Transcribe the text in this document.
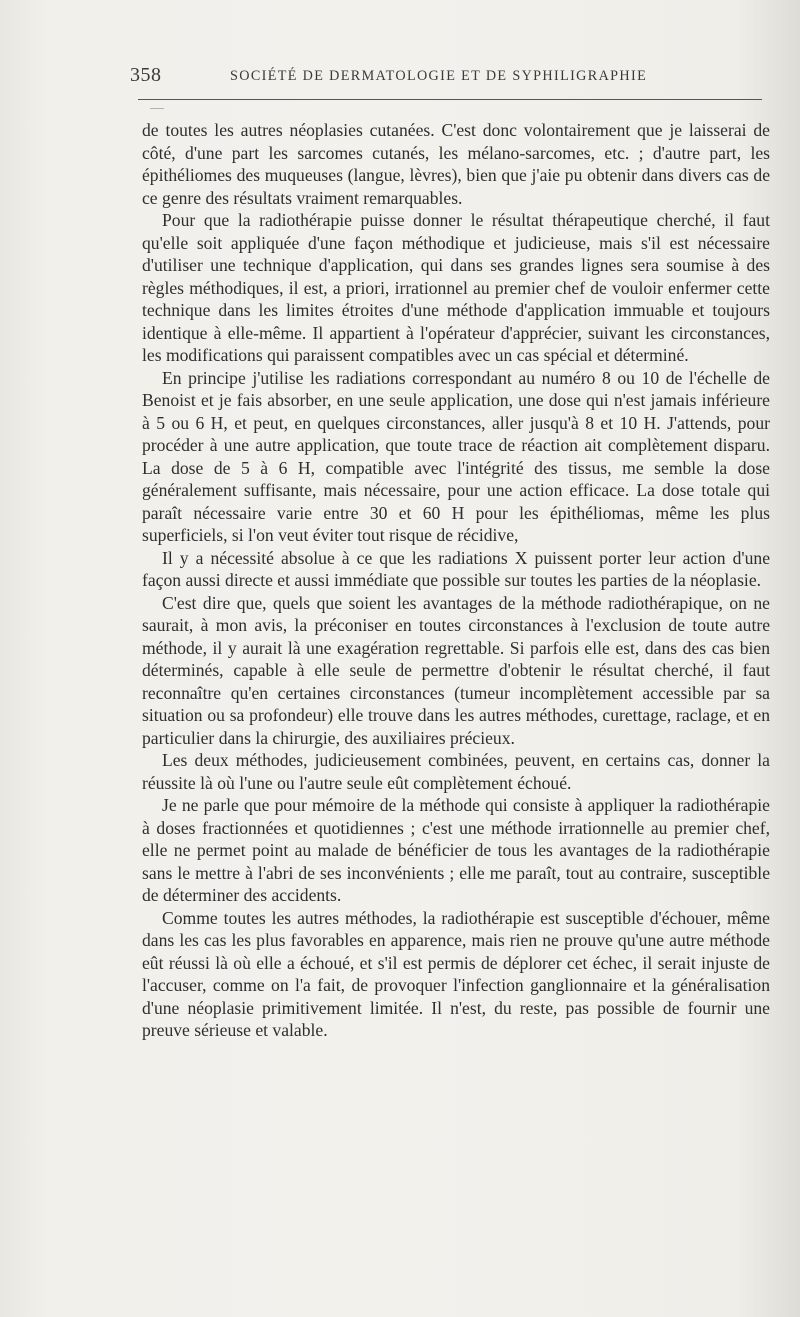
358	SOCIÉTÉ DE DERMATOLOGIE ET DE SYPHILIGRAPHIE

de toutes les autres néoplasies cutanées. C'est donc volontairement que je laisserai de côté, d'une part les sarcomes cutanés, les mélano-sarcomes, etc. ; d'autre part, les épithéliomes des muqueuses (langue, lèvres), bien que j'aie pu obtenir dans divers cas de ce genre des résultats vraiment remarquables.

Pour que la radiothérapie puisse donner le résultat thérapeutique cherché, il faut qu'elle soit appliquée d'une façon méthodique et judicieuse, mais s'il est nécessaire d'utiliser une technique d'application, qui dans ses grandes lignes sera soumise à des règles méthodiques, il est, a priori, irrationnel au premier chef de vouloir enfermer cette technique dans les limites étroites d'une méthode d'application immuable et toujours identique à elle-même. Il appartient à l'opérateur d'apprécier, suivant les circonstances, les modifications qui paraissent compatibles avec un cas spécial et déterminé.

En principe j'utilise les radiations correspondant au numéro 8 ou 10 de l'échelle de Benoist et je fais absorber, en une seule application, une dose qui n'est jamais inférieure à 5 ou 6 H, et peut, en quelques circonstances, aller jusqu'à 8 et 10 H. J'attends, pour procéder à une autre application, que toute trace de réaction ait complètement disparu. La dose de 5 à 6 H, compatible avec l'intégrité des tissus, me semble la dose généralement suffisante, mais nécessaire, pour une action efficace. La dose totale qui paraît nécessaire varie entre 30 et 60 H pour les épithéliomas, même les plus superficiels, si l'on veut éviter tout risque de récidive,

Il y a nécessité absolue à ce que les radiations X puissent porter leur action d'une façon aussi directe et aussi immédiate que possible sur toutes les parties de la néoplasie.

C'est dire que, quels que soient les avantages de la méthode radiothérapique, on ne saurait, à mon avis, la préconiser en toutes circonstances à l'exclusion de toute autre méthode, il y aurait là une exagération regrettable. Si parfois elle est, dans des cas bien déterminés, capable à elle seule de permettre d'obtenir le résultat cherché, il faut reconnaître qu'en certaines circonstances (tumeur incomplètement accessible par sa situation ou sa profondeur) elle trouve dans les autres méthodes, curettage, raclage, et en particulier dans la chirurgie, des auxiliaires précieux.

Les deux méthodes, judicieusement combinées, peuvent, en certains cas, donner la réussite là où l'une ou l'autre seule eût complètement échoué.

Je ne parle que pour mémoire de la méthode qui consiste à appliquer la radiothérapie à doses fractionnées et quotidiennes ; c'est une méthode irrationnelle au premier chef, elle ne permet point au malade de bénéficier de tous les avantages de la radiothérapie sans le mettre à l'abri de ses inconvénients ; elle me paraît, tout au contraire, susceptible de déterminer des accidents.

Comme toutes les autres méthodes, la radiothérapie est susceptible d'échouer, même dans les cas les plus favorables en apparence, mais rien ne prouve qu'une autre méthode eût réussi là où elle a échoué, et s'il est permis de déplorer cet échec, il serait injuste de l'accuser, comme on l'a fait, de provoquer l'infection ganglionnaire et la généralisation d'une néoplasie primitivement limitée. Il n'est, du reste, pas possible de fournir une preuve sérieuse et valable.
